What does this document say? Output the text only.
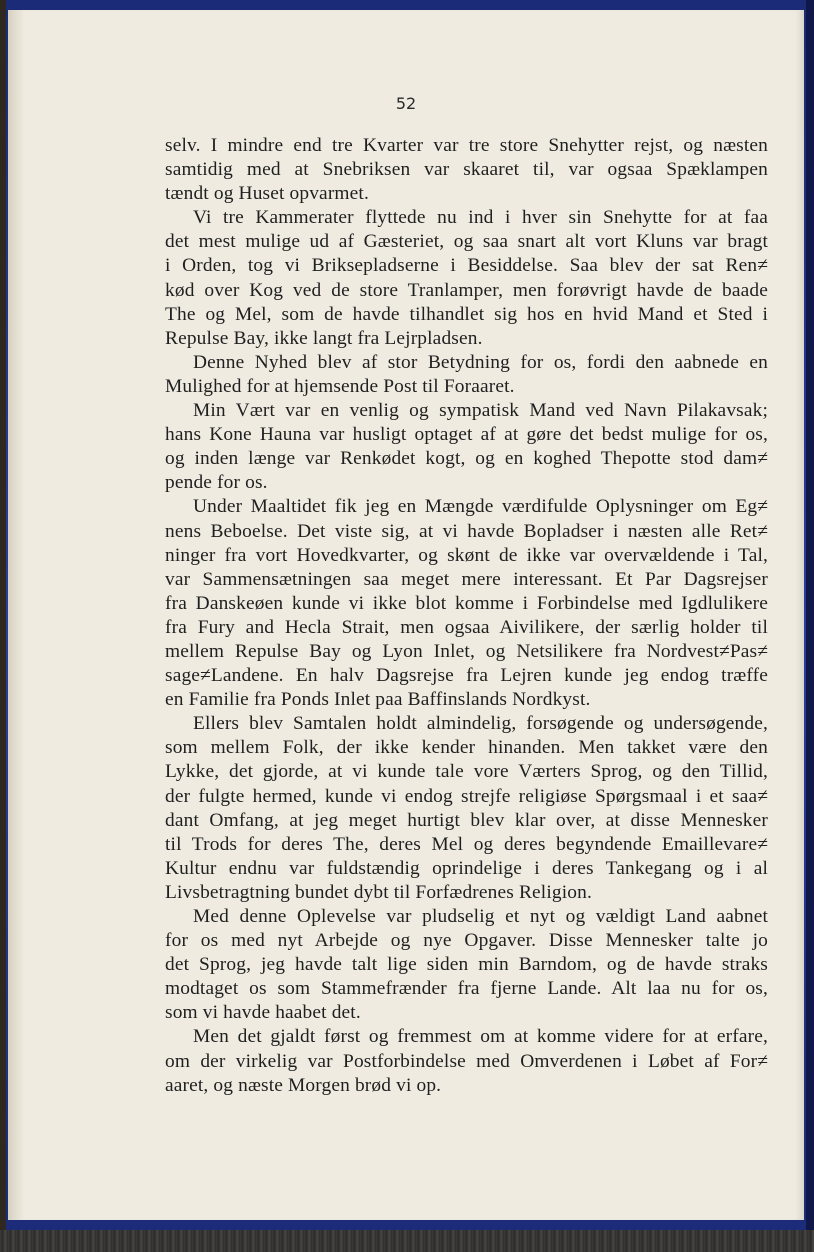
52

selv. I mindre end tre Kvarter var tre store Snehytter rejst, og næsten

samtidig med at Snebriksen var skaaret til, var ogsaa Spæklampen

tændt og Huset opvarmet.

Vi tre Kammerater flyttede nu ind i hver sin Snehytte for at faa

det mest mulige ud af Gæsteriet, og saa snart alt vort Kluns var bragt

i Orden, tog vi Briksepladserne i Besiddelse. Saa blev der sat Ren≠

kød over Kog ved de store Tranlamper, men forøvrigt havde de baade

The og Mel, som de havde tilhandlet sig hos en hvid Mand et Sted i

Repulse Bay, ikke langt fra Lejrpladsen.

Denne Nyhed blev af stor Betydning for os, fordi den aabnede en

Mulighed for at hjemsende Post til Foraaret.

Min Vært var en venlig og sympatisk Mand ved Navn Pilakavsak;

hans Kone Hauna var husligt optaget af at gøre det bedst mulige for os,

og inden længe var Renkødet kogt, og en koghed Thepotte stod dam≠

pende for os.

Under Maaltidet fik jeg en Mængde værdifulde Oplysninger om Eg≠

nens Beboelse. Det viste sig, at vi havde Bopladser i næsten alle Ret≠

ninger fra vort Hovedkvarter, og skønt de ikke var overvældende i Tal,

var Sammensætningen saa meget mere interessant. Et Par Dagsrejser

fra Danskeøen kunde vi ikke blot komme i Forbindelse med Igdlulikere

fra Fury and Hecla Strait, men ogsaa Aivilikere, der særlig holder til

mellem Repulse Bay og Lyon Inlet, og Netsilikere fra Nordvest≠Pas≠

sage≠Landene. En halv Dagsrejse fra Lejren kunde jeg endog træffe

en Familie fra Ponds Inlet paa Baffinslands Nordkyst.

Ellers blev Samtalen holdt almindelig, forsøgende og undersøgende,

som mellem Folk, der ikke kender hinanden. Men takket være den

Lykke, det gjorde, at vi kunde tale vore Værters Sprog, og den Tillid,

der fulgte hermed, kunde vi endog strejfe religiøse Spørgsmaal i et saa≠

dant Omfang, at jeg meget hurtigt blev klar over, at disse Mennesker

til Trods for deres The, deres Mel og deres begyndende Emaillevare≠

Kultur endnu var fuldstændig oprindelige i deres Tankegang og i al

Livsbetragtning bundet dybt til Forfædrenes Religion.

Med denne Oplevelse var pludselig et nyt og vældigt Land aabnet

for os med nyt Arbejde og nye Opgaver. Disse Mennesker talte jo

det Sprog, jeg havde talt lige siden min Barndom, og de havde straks

modtaget os som Stammefrænder fra fjerne Lande. Alt laa nu for os,

som vi havde haabet det.

Men det gjaldt først og fremmest om at komme videre for at erfare,

om der virkelig var Postforbindelse med Omverdenen i Løbet af For≠

aaret, og næste Morgen brød vi op.
